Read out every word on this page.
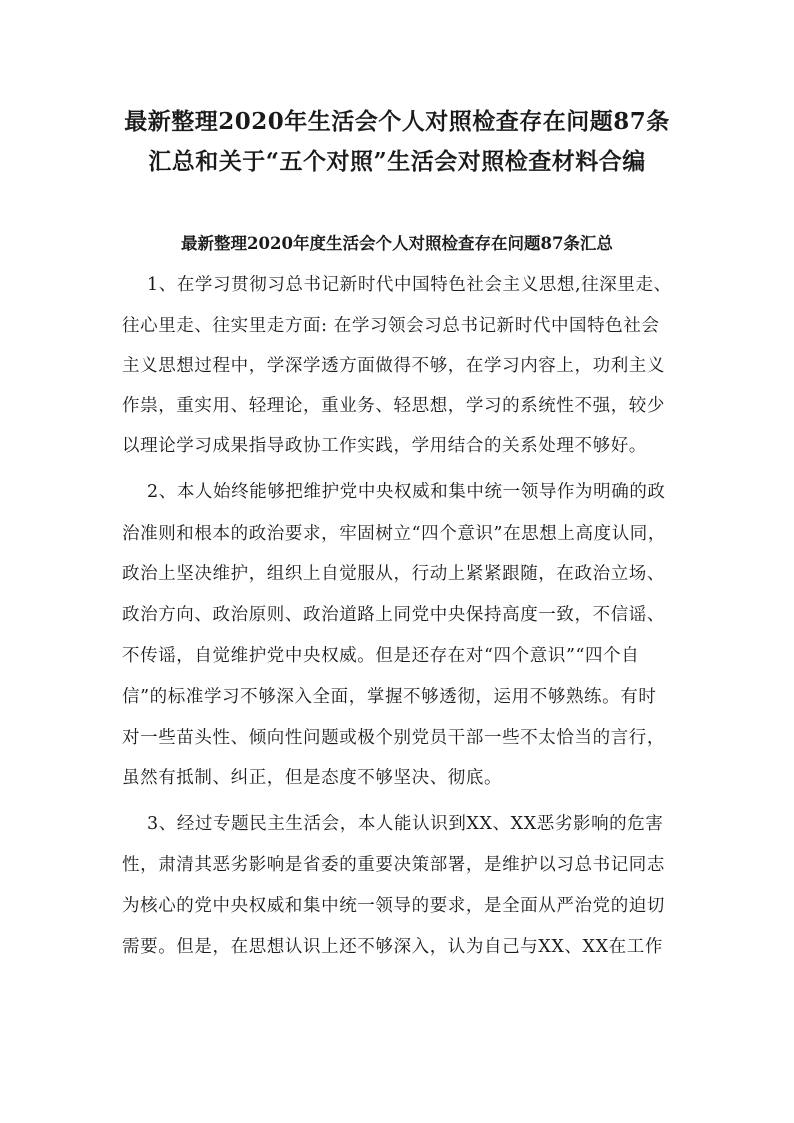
最新整理2020年生活会个人对照检查存在问题87条
汇总和关于“五个对照”生活会对照检查材料合编
最新整理2020年度生活会个人对照检查存在问题87条汇总
1、在学习贯彻习总书记新时代中国特色社会主义思想,往深里走、
往心里走、往实里走方面: 在学习领会习总书记新时代中国特色社会
主义思想过程中，学深学透方面做得不够，在学习内容上，功利主义
作祟，重实用、轻理论，重业务、轻思想，学习的系统性不强，较少
以理论学习成果指导政协工作实践，学用结合的关系处理不够好。
2、本人始终能够把维护党中央权威和集中统一领导作为明确的政
治准则和根本的政治要求，牢固树立“四个意识”在思想上高度认同，
政治上坚决维护，组织上自觉服从，行动上紧紧跟随，在政治立场、
政治方向、政治原则、政治道路上同党中央保持高度一致，不信谣、
不传谣，自觉维护党中央权威。但是还存在对“四个意识”“四个自
信”的标准学习不够深入全面，掌握不够透彻，运用不够熟练。有时
对一些苗头性、倾向性问题或极个别党员干部一些不太恰当的言行，
虽然有抵制、纠正，但是态度不够坚决、彻底。
3、经过专题民主生活会，本人能认识到XX、XX恶劣影响的危害
性，肃清其恶劣影响是省委的重要决策部署，是维护以习总书记同志
为核心的党中央权威和集中统一领导的要求，是全面从严治党的迫切
需要。但是，在思想认识上还不够深入，认为自己与XX、XX在工作
